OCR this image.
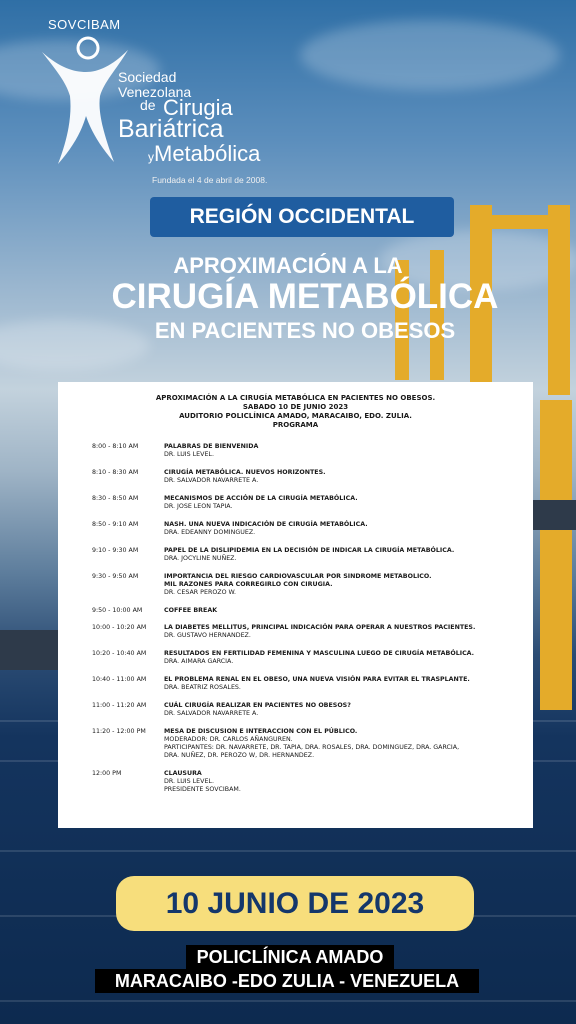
SOVCIBAM
Sociedad
Venezolana
de Cirugia
Bariátrica
yMetabólica
Fundada el 4 de abril de 2008.
REGIÓN OCCIDENTAL
APROXIMACIÓN A LA
CIRUGÍA METABÓLICA
EN PACIENTES NO OBESOS
APROXIMACIÓN A LA CIRUGÍA METABÓLICA EN PACIENTES NO OBESOS.
SABADO 10 DE JUNIO 2023
AUDITORIO POLICLÍNICA AMADO, MARACAIBO, EDO. ZULIA.
PROGRAMA
8:00 - 8:10 AM	PALABRAS DE BIENVENIDA
DR. LUIS LEVEL.
8:10 - 8:30 AM	CIRUGÍA METABÓLICA. NUEVOS HORIZONTES.
DR. SALVADOR NAVARRETE A.
8:30 - 8:50 AM	MECANISMOS DE ACCIÓN DE LA CIRUGÍA METABÓLICA.
DR. JOSE LEON TAPIA.
8:50 - 9:10 AM	NASH. UNA NUEVA INDICACIÓN DE CIRUGÍA METABÓLICA.
DRA. EDEANNY DOMINGUEZ.
9:10 - 9:30 AM	PAPEL DE LA DISLIPIDEMIA EN LA DECISIÓN DE INDICAR LA CIRUGÍA METABÓLICA.
DRA. JOCYLINE NUÑEZ.
9:30 - 9:50 AM	IMPORTANCIA DEL RIESGO CARDIOVASCULAR POR SINDROME METABOLICO.
MIL RAZONES PARA CORREGIRLO CON CIRUGIA.
DR. CESAR PEROZO W.
9:50 - 10:00 AM	COFFEE BREAK
10:00 - 10:20 AM	LA DIABETES MELLITUS, PRINCIPAL INDICACIÓN PARA OPERAR A NUESTROS PACIENTES.
DR. GUSTAVO HERNANDEZ.
10:20 - 10:40 AM	RESULTADOS EN FERTILIDAD FEMENINA Y MASCULINA LUEGO DE CIRUGÍA METABÓLICA.
DRA. AIMARA GARCIA.
10:40 - 11:00 AM	EL PROBLEMA RENAL EN EL OBESO, UNA NUEVA VISIÓN PARA EVITAR EL TRASPLANTE.
DRA. BEATRIZ ROSALES.
11:00 - 11:20 AM	CUÁL CIRUGÍA REALIZAR EN PACIENTES NO OBESOS?
DR. SALVADOR NAVARRETE A.
11:20 - 12:00 PM	MESA DE DISCUSION E INTERACCION CON EL PÚBLICO.
MODERADOR: DR. CARLOS AÑANGUREN.
PARTICIPANTES: DR. NAVARRETE, DR. TAPIA, DRA. ROSALES, DRA. DOMINGUEZ, DRA. GARCIA,
DRA. NUÑEZ, DR. PEROZO W, DR. HERNANDEZ.
12:00 PM	CLAUSURA
DR. LUIS LEVEL.
PRESIDENTE SOVCIBAM.
10 JUNIO DE 2023
POLICLÍNICA AMADO
MARACAIBO -EDO ZULIA - VENEZUELA
